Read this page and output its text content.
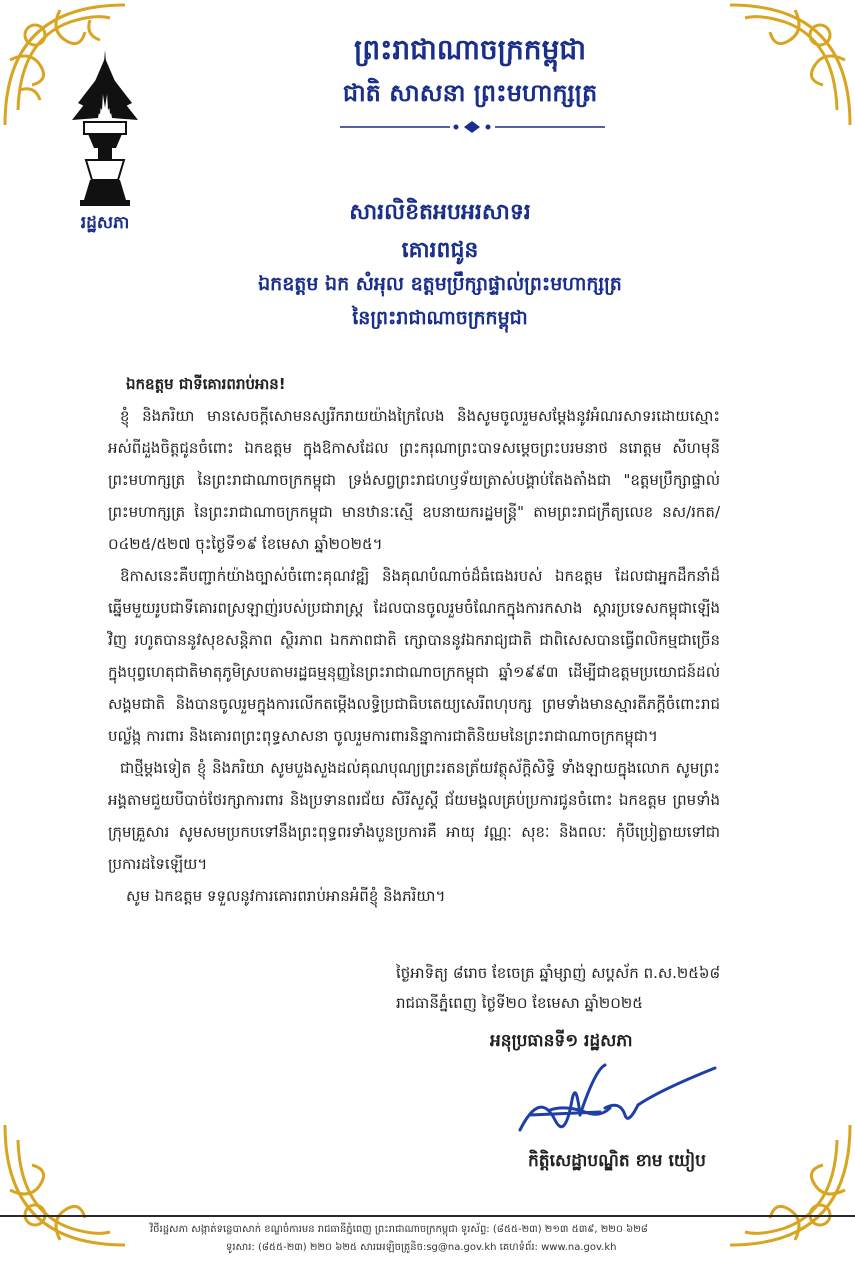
រដ្ឋសភា
ព្រះរាជាណាចក្រកម្ពុជា
ជាតិ សាសនា ព្រះមហាក្សត្រ
សារលិខិតអបអរសាទរ
គោរពជូន
ឯកឧត្តម ឯក សំអុល ឧត្តមប្រឹក្សាផ្ទាល់ព្រះមហាក្សត្រ
នៃព្រះរាជាណាចក្រកម្ពុជា

ឯកឧត្តម ជាទីគោរពរាប់អាន!

ខ្ញុំ និងភរិយា មានសេចក្តីសោមនស្សរីករាយយ៉ាងក្រៃលែង និងសូមចូលរួមសម្តែងនូវអំណរសាទរដោយស្មោះអស់ពីដួងចិត្តជូនចំពោះ ឯកឧត្តម ក្នុងឱកាសដែល ព្រះករុណាព្រះបាទសម្តេចព្រះបរមនាថ នរោត្តម សីហមុនី ព្រះមហាក្សត្រ នៃព្រះរាជាណាចក្រកម្ពុជា ទ្រង់សព្វព្រះរាជហឫទ័យត្រាស់បង្គាប់តែងតាំងជា "ឧត្តមប្រឹក្សាផ្ទាល់ព្រះមហាក្សត្រ នៃព្រះរាជាណាចក្រកម្ពុជា មានឋានៈស្មើ ឧបនាយករដ្ឋមន្ត្រី" តាមព្រះរាជក្រឹត្យលេខ នស/រកត/០៤២៥/៥២៧ ចុះថ្ងៃទី១៩ ខែមេសា ឆ្នាំ២០២៥។

ឱកាសនេះគឺបញ្ជាក់យ៉ាងច្បាស់ចំពោះគុណវឌ្ឍិ និងគុណបំណាច់ដ៏ធំធេងរបស់ ឯកឧត្តម ដែលជាអ្នកដឹកនាំដ៏ឆ្នើមមួយរូបជាទីគោរពស្រឡាញ់របស់ប្រជារាស្ត្រ ដែលបានចូលរួមចំណែកក្នុងការកសាង ស្តារប្រទេសកម្ពុជាឡើងវិញ រហូតបាននូវសុខសន្តិភាព ស្ថិរភាព ឯកភាពជាតិ ក្សោបាននូវឯករាជ្យជាតិ ជាពិសេសបានធ្វើពលិកម្មជាច្រើនក្នុងបុព្វហេតុជាតិមាតុភូមិស្របតាមរដ្ឋធម្មនុញ្ញនៃព្រះរាជាណាចក្រកម្ពុជា ឆ្នាំ១៩៩៣ ដើម្បីជាឧត្តមប្រយោជន៍ដល់សង្គមជាតិ និងបានចូលរួមក្នុងការលើកតម្កើងលទ្ធិប្រជាធិបតេយ្យសេរីពហុបក្ស ព្រមទាំងមានស្មារតីភក្ដីចំពោះរាជបល្ល័ង្ក ការពារ និងគោរពព្រះពុទ្ធសាសនា ចូលរួមការពារនិន្នាការជាតិនិយមនៃព្រះរាជាណាចក្រកម្ពុជា។

ជាថ្មីម្តងទៀត ខ្ញុំ និងភរិយា សូមបួងសួងដល់គុណបុណ្យព្រះរតនត្រ័យវត្ថុស័ក្តិសិទ្ធិ ទាំងឡាយក្នុងលោក សូមព្រះអង្គតាមជួយបីបាច់ថែរក្សាការពារ និងប្រទានពរជ័យ សិរីសួស្តី ជ័យមង្គលគ្រប់ប្រការជូនចំពោះ ឯកឧត្តម ព្រមទាំងក្រុមគ្រួសារ សូមសមប្រកបទៅនឹងព្រះពុទ្ធពរទាំងបួនប្រការគឺ អាយុ វណ្ណៈ សុខៈ និងពលៈ កុំបីប្រៀត្លាយទៅជាប្រការដទៃឡើយ។

សូម ឯកឧត្តម ទទួលនូវការគោរពរាប់អានអំពីខ្ញុំ និងភរិយា។

ថ្ងៃអាទិត្យ ៨រោច ខែចេត្រ ឆ្នាំម្សាញ់ សប្តស័ក ព.ស.២៥៦៨
រាជធានីភ្នំពេញ ថ្ងៃទី២០ ខែមេសា ឆ្នាំ២០២៥
អនុប្រធានទី១ រដ្ឋសភា
កិត្តិសេដ្ឋាបណ្ឌិត ខាម យៀប
វិថីរដ្ឋសភា សង្កាត់ទន្លេបាសាក់ ខណ្ឌចំការមន រាជធានីភ្នំពេញ ព្រះរាជាណាចក្រកម្ពុជា ទូរស័ព្ទ: (៨៥៥-២៣) ២១៣ ៥៣៩, ២២០ ៦២៨
ទូរសារ: (៨៥៥-២៣) ២២០ ៦២៥ សារអេឡិចត្រូនិច:sg@na.gov.kh គេហទំព័រ: www.na.gov.kh
